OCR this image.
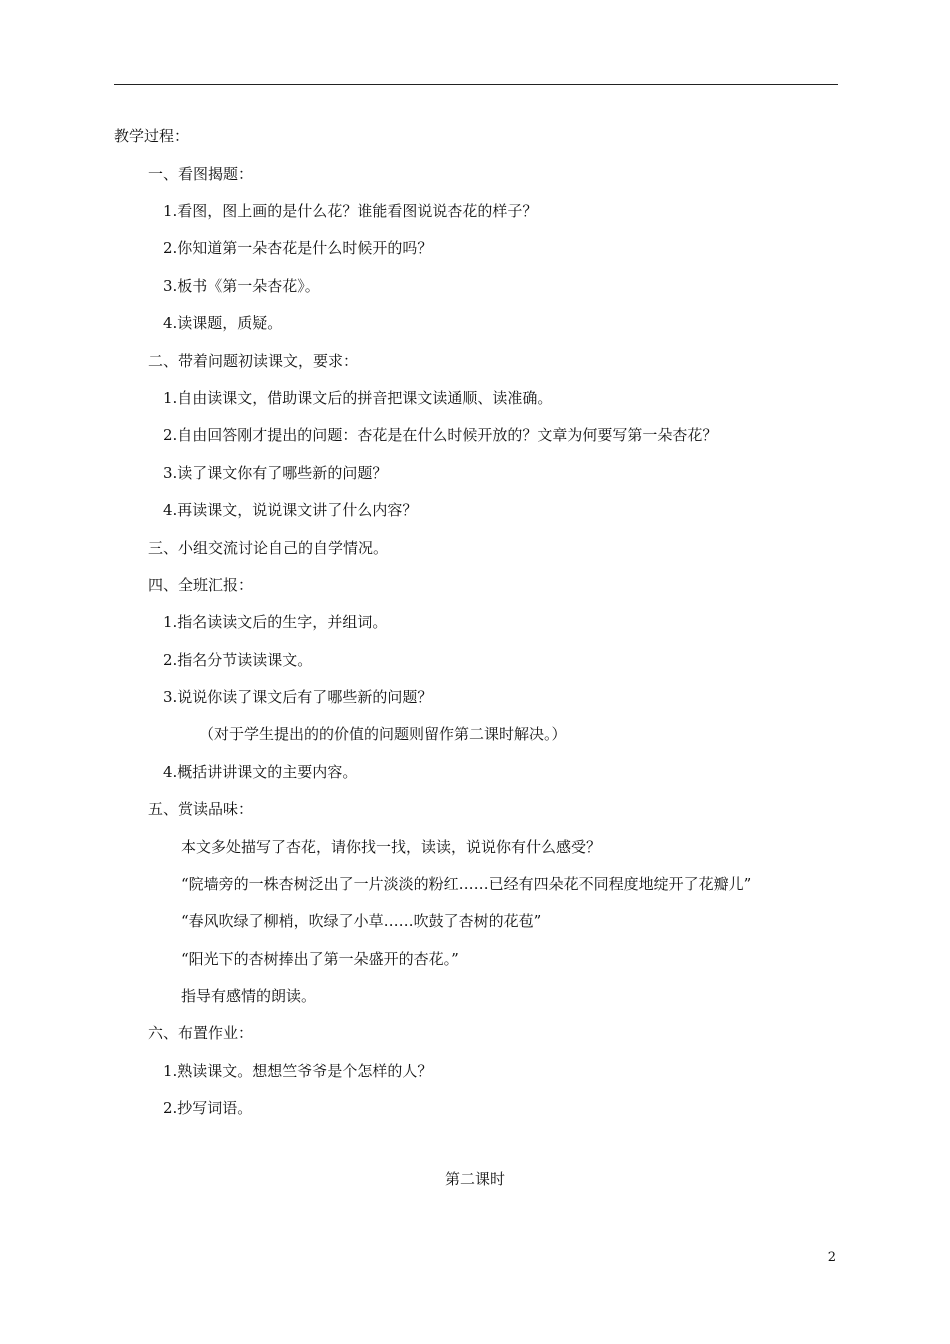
教学过程：
一、看图揭题：
1.看图，图上画的是什么花？谁能看图说说杏花的样子？
2.你知道第一朵杏花是什么时候开的吗？
3.板书《第一朵杏花》。
4.读课题，质疑。
二、带着问题初读课文，要求：
1.自由读课文，借助课文后的拼音把课文读通顺、读准确。
2.自由回答刚才提出的问题：杏花是在什么时候开放的？文章为何要写第一朵杏花？
3.读了课文你有了哪些新的问题？
4.再读课文，说说课文讲了什么内容？
三、小组交流讨论自己的自学情况。
四、全班汇报：
1.指名读读文后的生字，并组词。
2.指名分节读读课文。
3.说说你读了课文后有了哪些新的问题？
（对于学生提出的的价值的问题则留作第二课时解决。）
4.概括讲讲课文的主要内容。
五、赏读品味：
本文多处描写了杏花，请你找一找，读读，说说你有什么感受？
“院墙旁的一株杏树泛出了一片淡淡的粉红……已经有四朵花不同程度地绽开了花瓣儿”
“春风吹绿了柳梢，吹绿了小草……吹鼓了杏树的花苞”
“阳光下的杏树捧出了第一朵盛开的杏花。”
指导有感情的朗读。
六、布置作业：
1.熟读课文。想想竺爷爷是个怎样的人？
2.抄写词语。
第二课时
2
